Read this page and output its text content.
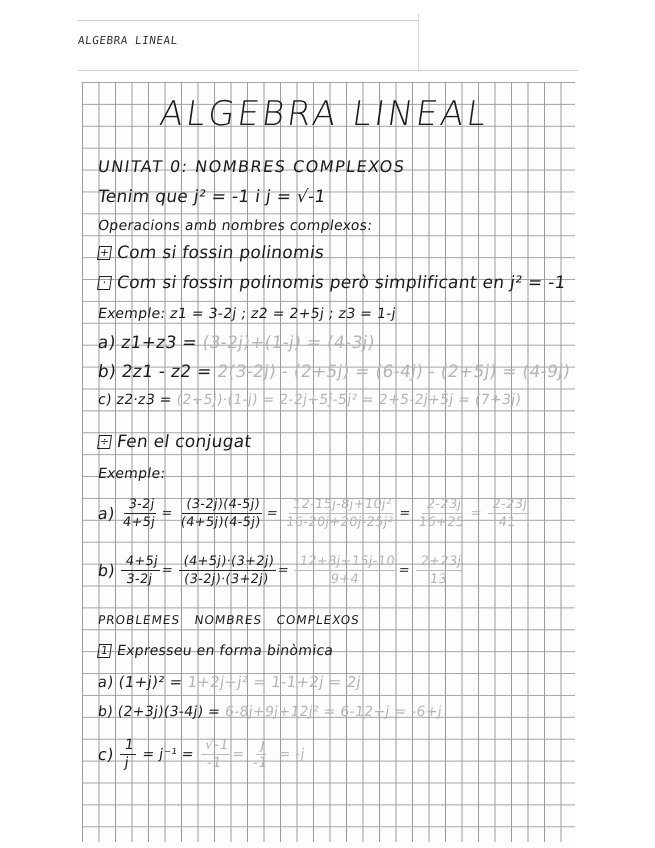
ALGEBRA LINEAL
ALGEBRA LINEAL
UNITAT 0: NOMBRES COMPLEXOS
Tenim que j² = -1 i j = √-1
Operacions amb nombres complexos:
+ Com si fossin polinomis
· Com si fossin polinomis però simplificant en j² = -1
Exemple: z1 = 3-2j ; z2 = 2+5j ; z3 = 1-j
a) z1+z3 = (3-2j)+(1-j) = (4-3j)
b) 2z1 - z2 = 2(3-2j) - (2+5j) = (6-4j) - (2+5j) = (4-9j)
c) z2·z3 = (2+5j)·(1-j) = 2-2j+5j-5j² = 2+5-2j+5j = (7+3j)
÷ Fen el conjugat
Exemple:
$a) \frac{3-2j}{4+5j}$
=
$\frac{(3-2j)(4-5j)}{(4+5j)(4-5j)}$
=
$\frac{\text{12-15j-8j+10j²}}{\text{16-20j+20j-25j²}}$
=
$\frac{2-23j}{16+25}$
= $\frac{2-23j}{41}$
$b) \frac{4+5j}{3-2j}$
=
$\frac{(4+5j)\cdot(3+2j)}{(3-2j)\cdot(3+2j)}$
=
$\frac{12+8j+15j-10}{9+4}$
=
$\frac{2+23j}{13}$
PROBLEMES   NOMBRES   COMPLEXOS
1 Expresseu en forma binòmica
a) (1+j)² = 1+2j+j² = 1-1+2j = 2j
b) (2+3j)(3-4j) = 6-8j+9j+12j² = 6-12+j = -6+j
$c) \frac{1}{j} = j^{-1} = \frac{√-1}{-1}$
= $\frac{j}{-1} = -j$
